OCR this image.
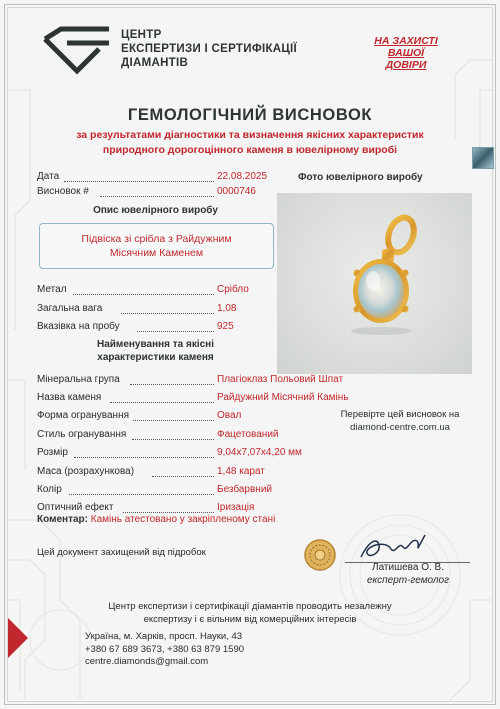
ЦЕНТР
ЕКСПЕРТИЗИ І СЕРТИФІКАЦІЇ
ДІАМАНТІВ
НА ЗАХИСТІ
ВАШОЇ
ДОВІРИ
ГЕМОЛОГІЧНИЙ ВИСНОВОК
за результатами діагностики та визначення якісних характеристик
природного дорогоцінного каменя в ювелірному виробі
Дата	22.08.2025
Висновок #	0000746
Опис ювелірного виробу
Підвіска зі срібла з Райдужним
Місячним Каменем
Метал	Срібло
Загальна вага	1,08
Вказівка на пробу	925
Найменування та якісні
характеристики каменя
Мінеральна група	Плагіоклаз Польовий Шпат
Назва каменя	Райдужний Місячний Камінь
Форма огранування	Овал
Стиль огранування	Фацетований
Розмір	9,04x7,07x4,20 мм
Маса (розрахункова)	1,48 карат
Колір	Безбарвний
Оптичний ефект	Іризація
Фото ювелірного виробу
Перевірте цей висновок на
diamond-centre.com.ua
Коментар: Камінь атестовано у закріпленому стані
Цей документ захищений від підробок
Латишева О. В.
експерт-гемолог
Центр експертизи і сертифікації діамантів проводить незалежну
експертизу і є вільним від комерційних інтересів
Україна, м. Харків, просп. Науки, 43
+380 67 689 3673, +380 63 879 1590
centre.diamonds@gmail.com
